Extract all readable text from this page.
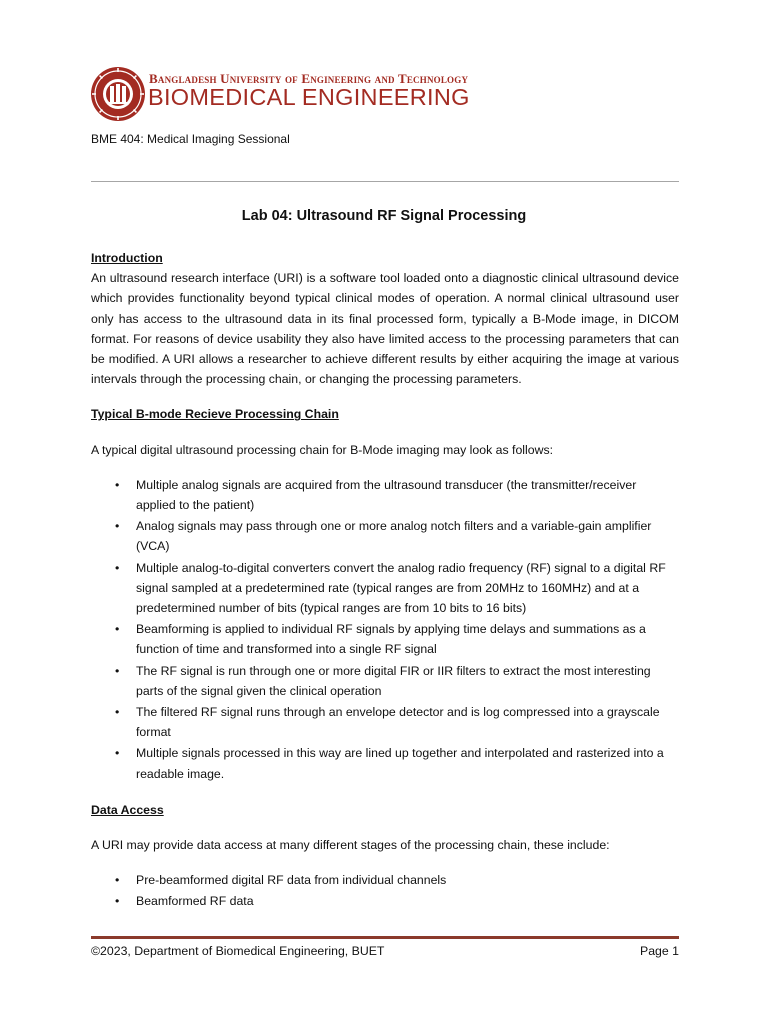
Bangladesh University of Engineering and Technology
BIOMEDICAL ENGINEERING
BME 404: Medical Imaging Sessional
Lab 04: Ultrasound RF Signal Processing
Introduction

An ultrasound research interface (URI) is a software tool loaded onto a diagnostic clinical ultrasound device which provides functionality beyond typical clinical modes of operation. A normal clinical ultrasound user only has access to the ultrasound data in its final processed form, typically a B-Mode image, in DICOM format. For reasons of device usability they also have limited access to the processing parameters that can be modified. A URI allows a researcher to achieve different results by either acquiring the image at various intervals through the processing chain, or changing the processing parameters.

Typical B-mode Recieve Processing Chain

A typical digital ultrasound processing chain for B-Mode imaging may look as follows:

• Multiple analog signals are acquired from the ultrasound transducer (the transmitter/receiver applied to the patient)
• Analog signals may pass through one or more analog notch filters and a variable-gain amplifier (VCA)
• Multiple analog-to-digital converters convert the analog radio frequency (RF) signal to a digital RF signal sampled at a predetermined rate (typical ranges are from 20MHz to 160MHz) and at a predetermined number of bits (typical ranges are from 10 bits to 16 bits)
• Beamforming is applied to individual RF signals by applying time delays and summations as a function of time and transformed into a single RF signal
• The RF signal is run through one or more digital FIR or IIR filters to extract the most interesting parts of the signal given the clinical operation
• The filtered RF signal runs through an envelope detector and is log compressed into a grayscale format
• Multiple signals processed in this way are lined up together and interpolated and rasterized into a readable image.
Data Access

A URI may provide data access at many different stages of the processing chain, these include:

• Pre-beamformed digital RF data from individual channels
• Beamformed RF data
©2023, Department of Biomedical Engineering, BUET	Page 1
